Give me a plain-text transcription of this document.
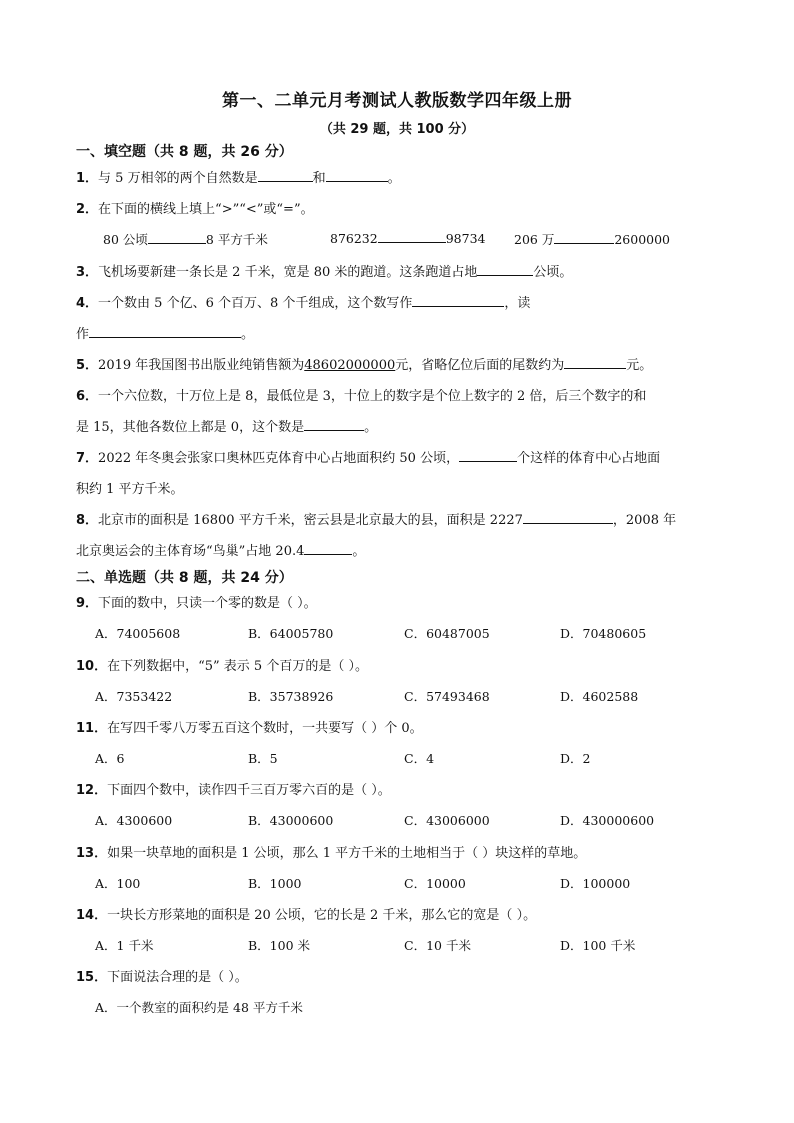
第一、二单元月考测试人教版数学四年级上册
（共 29 题，共 100 分）
一、填空题（共 8 题，共 26 分）
1．与 5 万相邻的两个自然数是	和	。
2．在下面的横线上填上“>”“<”或“=”。
80 公顷	8 平方千米	876232	98734 206 万	2600000
3．飞机场要新建一条长是 2 千米，宽是 80 米的跑道。这条跑道占地	公顷。
4．一个数由 5 个亿、6 个百万、8 个千组成，这个数写作	，读
作	。
5．2019 年我国图书出版业纯销售额为48602000000元，省略亿位后面的尾数约为	元。
6．一个六位数，十万位上是 8，最低位是 3，十位上的数字是个位上数字的 2 倍，后三个数字的和
是 15，其他各数位上都是 0，这个数是	。
7．2022 年冬奥会张家口奥林匹克体育中心占地面积约 50 公顷，	个这样的体育中心占地面
积约 1 平方千米。
8．北京市的面积是 16800 平方千米，密云县是北京最大的县，面积是 2227	，2008 年
北京奥运会的主体育场“鸟巢”占地 20.4	。
二、单选题（共 8 题，共 24 分）
9．下面的数中，只读一个零的数是（ ）。
A．74005608	B．64005780	C．60487005	D．70480605
10．在下列数据中，“5” 表示 5 个百万的是（ ）。
A．7353422	B．35738926	C．57493468	D．4602588
11．在写四千零八万零五百这个数时，一共要写（ ）个 0。
A．6	B．5	C．4	D．2
12．下面四个数中，读作四千三百万零六百的是（ ）。
A．4300600	B．43000600	C．43006000	D．430000600
13．如果一块草地的面积是 1 公顷，那么 1 平方千米的土地相当于（ ）块这样的草地。
A．100	B．1000	C．10000	D．100000
14．一块长方形菜地的面积是 20 公顷，它的长是 2 千米，那么它的宽是（ ）。
A．1 千米	B．100 米	C．10 千米	D．100 千米
15．下面说法合理的是（ ）。
A．一个教室的面积约是 48 平方千米
